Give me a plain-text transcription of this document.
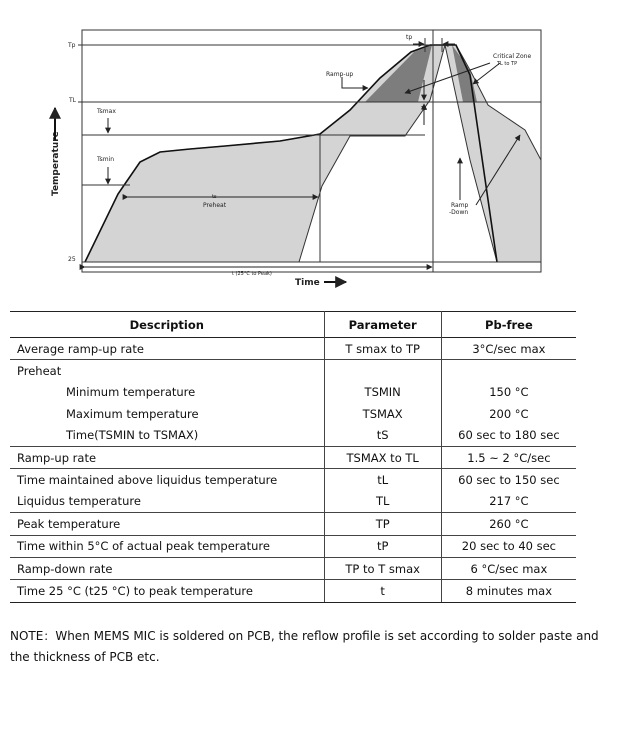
Temperature
Time
Tp
TL
25
tp
Critical Zone
TL to TP
Ramp-up
Tsmax
Tsmin
ts
Preheat
TL
Ramp
-Down
t (25°C to Peak)
Description	Parameter	Pb-free
Average ramp-up rate	T smax to TP	3°C/sec max
Preheat		
Minimum temperature	TSMIN	150 °C
Maximum temperature	TSMAX	200 °C
Time(TSMIN to TSMAX)	tS	60 sec to 180 sec
Ramp-up rate	TSMAX to TL	1.5 ~ 2 °C/sec
Time maintained above liquidus temperature	tL	60 sec to 150 sec
Liquidus temperature	TL	217 °C
Peak temperature	TP	260 °C
Time within 5°C of actual peak temperature	tP	20 sec to 40 sec
Ramp-down rate	TP to T smax	6 °C/sec max
Time 25 °C (t25 °C) to peak temperature	t	8 minutes max
NOTE：When MEMS MIC is soldered on PCB, the reflow profile is set according to solder paste and the thickness of PCB etc.
